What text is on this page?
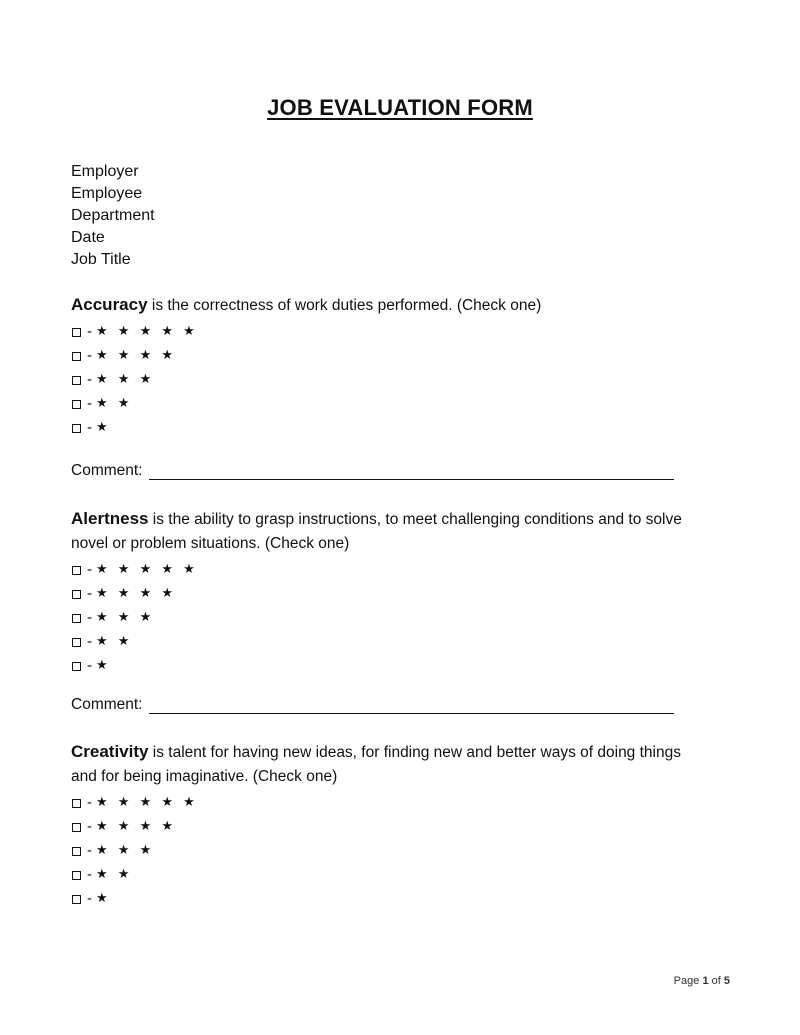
JOB EVALUATION FORM
Employer
Employee
Department
Date
Job Title
Accuracy is the correctness of work duties performed. (Check one)
- ★ ★ ★ ★ ★
- ★ ★ ★ ★
- ★ ★ ★
- ★ ★
- ★
Comment:
Alertness is the ability to grasp instructions, to meet challenging conditions and to solve novel or problem situations. (Check one)
- ★ ★ ★ ★ ★
- ★ ★ ★ ★
- ★ ★ ★
- ★ ★
- ★
Comment:
Creativity is talent for having new ideas, for finding new and better ways of doing things and for being imaginative. (Check one)
- ★ ★ ★ ★ ★
- ★ ★ ★ ★
- ★ ★ ★
- ★ ★
- ★
Page 1 of 5
